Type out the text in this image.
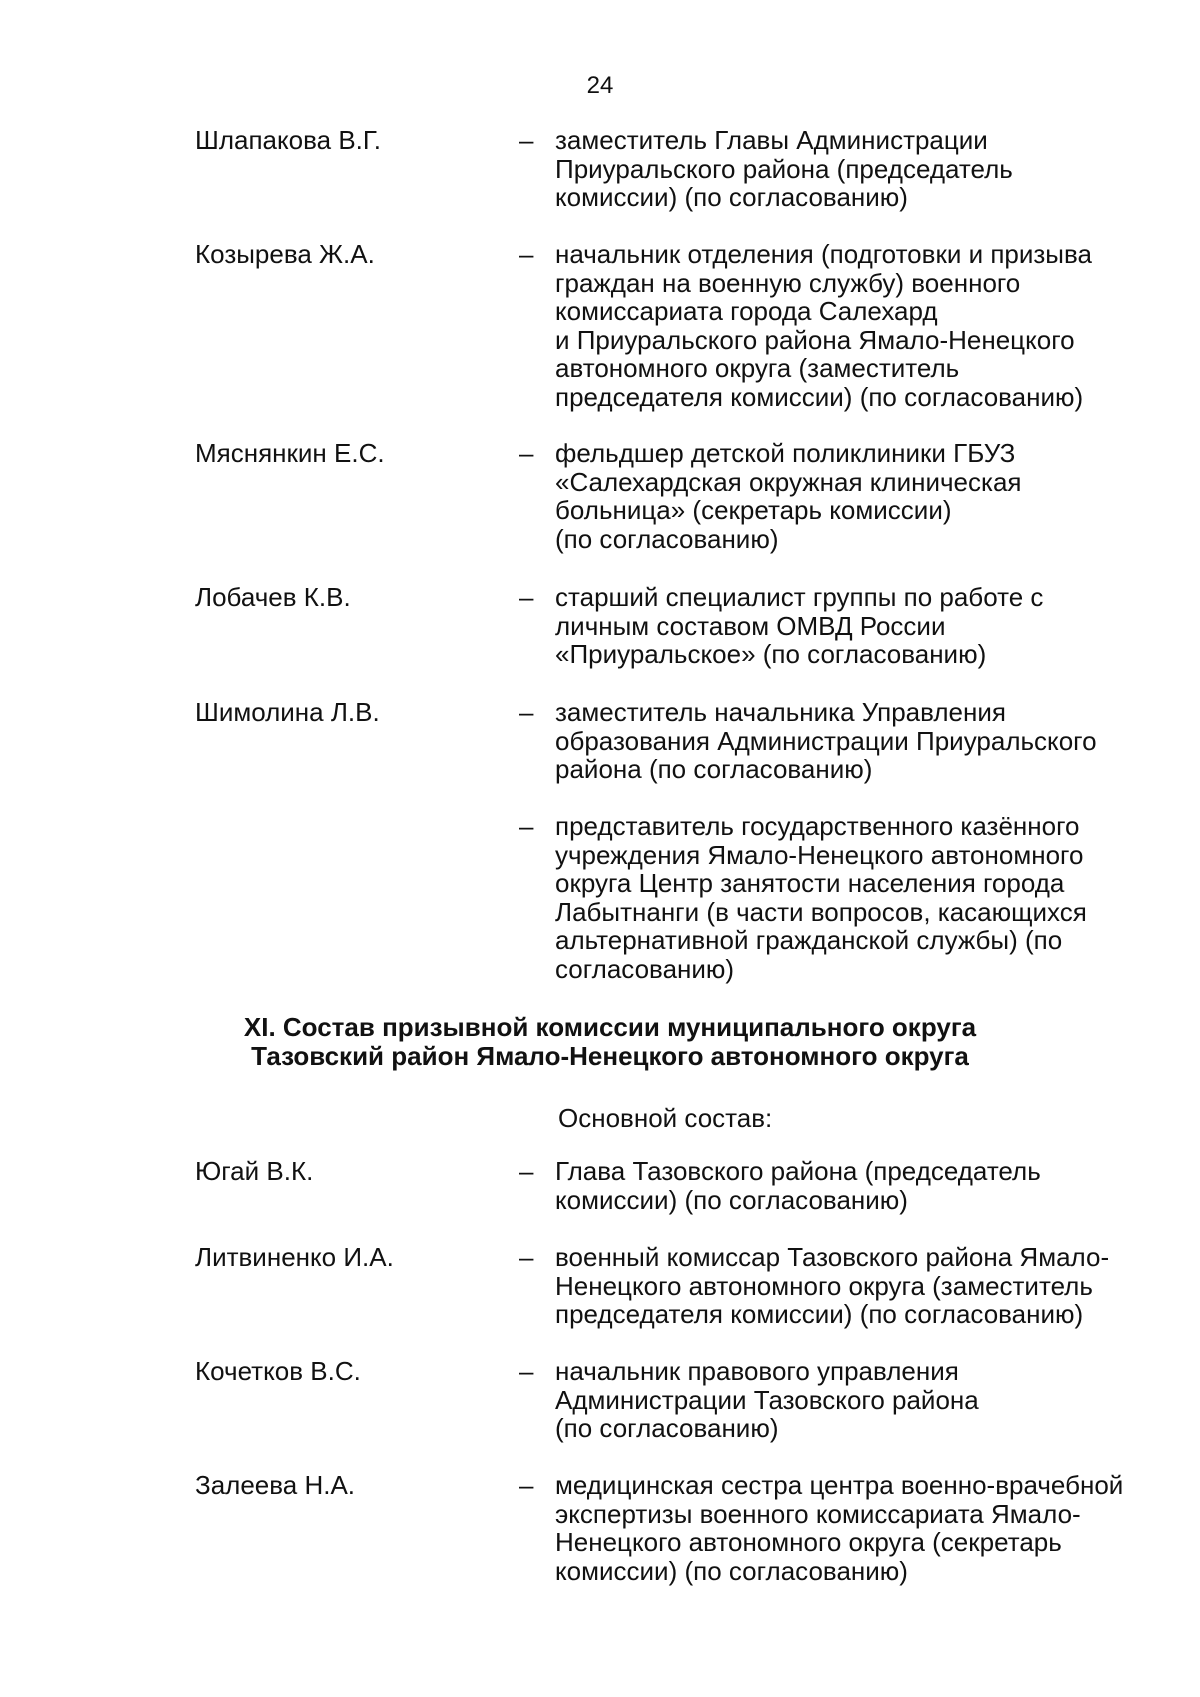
24
Шлапакова В.Г.	– заместитель Главы Администрации
Приуральского района (председатель
комиссии) (по согласованию)
Козырева Ж.А.	– начальник отделения (подготовки и призыва
граждан на военную службу) военного
комиссариата города Салехард
и Приуральского района Ямало-Ненецкого
автономного округа (заместитель
председателя комиссии) (по согласованию)
Мяснянкин Е.С.	– фельдшер детской поликлиники ГБУЗ
«Салехардская окружная клиническая
больница» (секретарь комиссии)
(по согласованию)
Лобачев К.В.	– старший специалист группы по работе с
личным составом ОМВД России
«Приуральское» (по согласованию)
Шимолина Л.В.	– заместитель начальника Управления
образования Администрации Приуральского
района (по согласованию)
– представитель государственного казённого
учреждения Ямало-Ненецкого автономного
округа Центр занятости населения города
Лабытнанги (в части вопросов, касающихся
альтернативной гражданской службы) (по
согласованию)
XI. Состав призывной комиссии муниципального округа
Тазовский район Ямало-Ненецкого автономного округа
Основной состав:
Югай В.К.	– Глава Тазовского района (председатель
комиссии) (по согласованию)
Литвиненко И.А.	– военный комиссар Тазовского района Ямало-
Ненецкого автономного округа (заместитель
председателя комиссии) (по согласованию)
Кочетков В.С.	– начальник правового управления
Администрации Тазовского района
(по согласованию)
Залеева Н.А.	– медицинская сестра центра военно-врачебной
экспертизы военного комиссариата Ямало-
Ненецкого автономного округа (секретарь
комиссии) (по согласованию)
